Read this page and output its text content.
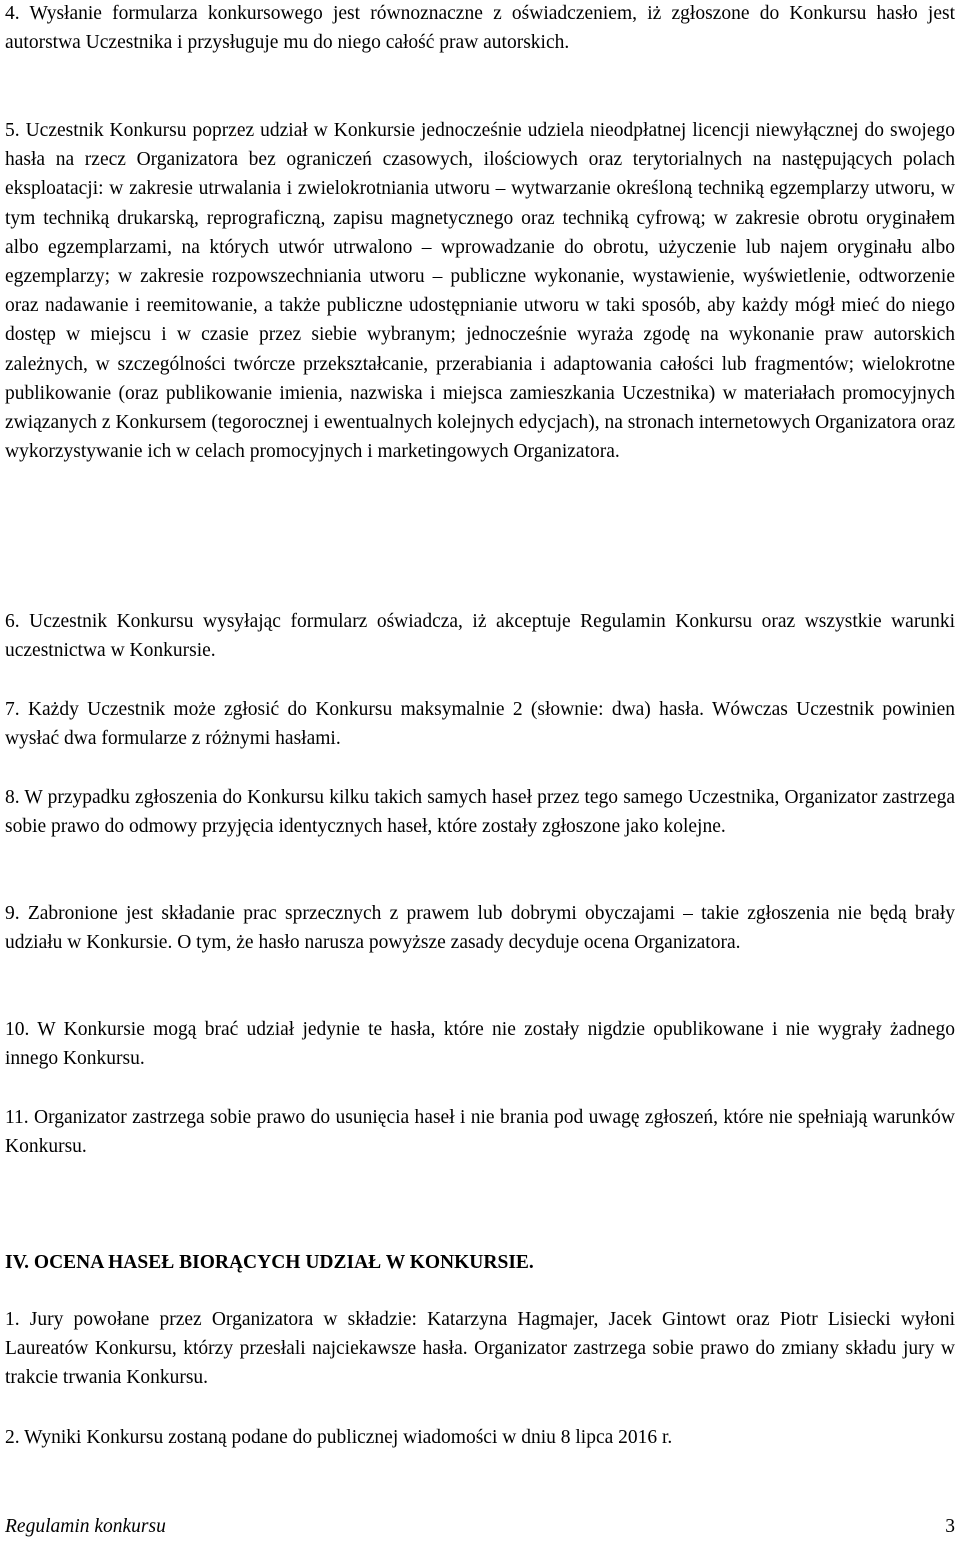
4. Wysłanie formularza konkursowego jest równoznaczne z oświadczeniem, iż zgłoszone do Konkursu hasło jest autorstwa Uczestnika i przysługuje mu do niego całość praw autorskich.

5. Uczestnik Konkursu poprzez udział w Konkursie jednocześnie udziela nieodpłatnej licencji niewyłącznej do swojego hasła na rzecz Organizatora bez ograniczeń czasowych, ilościowych oraz terytorialnych na następujących polach eksploatacji: w zakresie utrwalania i zwielokrotniania utworu – wytwarzanie określoną techniką egzemplarzy utworu, w tym techniką drukarską, reprograficzną, zapisu magnetycznego oraz techniką cyfrową; w zakresie obrotu oryginałem albo egzemplarzami, na których utwór utrwalono – wprowadzanie do obrotu, użyczenie lub najem oryginału albo egzemplarzy; w zakresie rozpowszechniania utworu – publiczne wykonanie, wystawienie, wyświetlenie, odtworzenie oraz nadawanie i reemitowanie, a także publiczne udostępnianie utworu w taki sposób, aby każdy mógł mieć do niego dostęp w miejscu i w czasie przez siebie wybranym; jednocześnie wyraża zgodę na wykonanie praw autorskich zależnych, w szczególności twórcze przekształcanie, przerabiania i adaptowania całości lub fragmentów; wielokrotne publikowanie (oraz publikowanie imienia, nazwiska i miejsca zamieszkania Uczestnika) w materiałach promocyjnych związanych z Konkursem (tegorocznej i ewentualnych kolejnych edycjach), na stronach internetowych Organizatora oraz wykorzystywanie ich w celach promocyjnych i marketingowych Organizatora.

6. Uczestnik Konkursu wysyłając formularz oświadcza, iż akceptuje Regulamin Konkursu oraz wszystkie warunki uczestnictwa w Konkursie.

7. Każdy Uczestnik może zgłosić do Konkursu maksymalnie 2 (słownie: dwa) hasła. Wówczas Uczestnik powinien wysłać dwa formularze z różnymi hasłami.

8. W przypadku zgłoszenia do Konkursu kilku takich samych haseł przez tego samego Uczestnika, Organizator zastrzega sobie prawo do odmowy przyjęcia identycznych haseł, które zostały zgłoszone jako kolejne.

9. Zabronione jest składanie prac sprzecznych z prawem lub dobrymi obyczajami – takie zgłoszenia nie będą brały udziału w Konkursie. O tym, że hasło narusza powyższe zasady decyduje ocena Organizatora.

10. W Konkursie mogą brać udział jedynie te hasła, które nie zostały nigdzie opublikowane i nie wygrały żadnego innego Konkursu.

11. Organizator zastrzega sobie prawo do usunięcia haseł i nie brania pod uwagę zgłoszeń, które nie spełniają warunków Konkursu.

IV. OCENA HASEŁ BIORĄCYCH UDZIAŁ W KONKURSIE.

1. Jury powołane przez Organizatora w składzie: Katarzyna Hagmajer, Jacek Gintowt oraz Piotr Lisiecki wyłoni Laureatów Konkursu, którzy przesłali najciekawsze hasła. Organizator zastrzega sobie prawo do zmiany składu jury w trakcie trwania Konkursu.

2. Wyniki Konkursu zostaną podane do publicznej wiadomości w dniu 8 lipca 2016 r.

Regulamin konkursu	3
